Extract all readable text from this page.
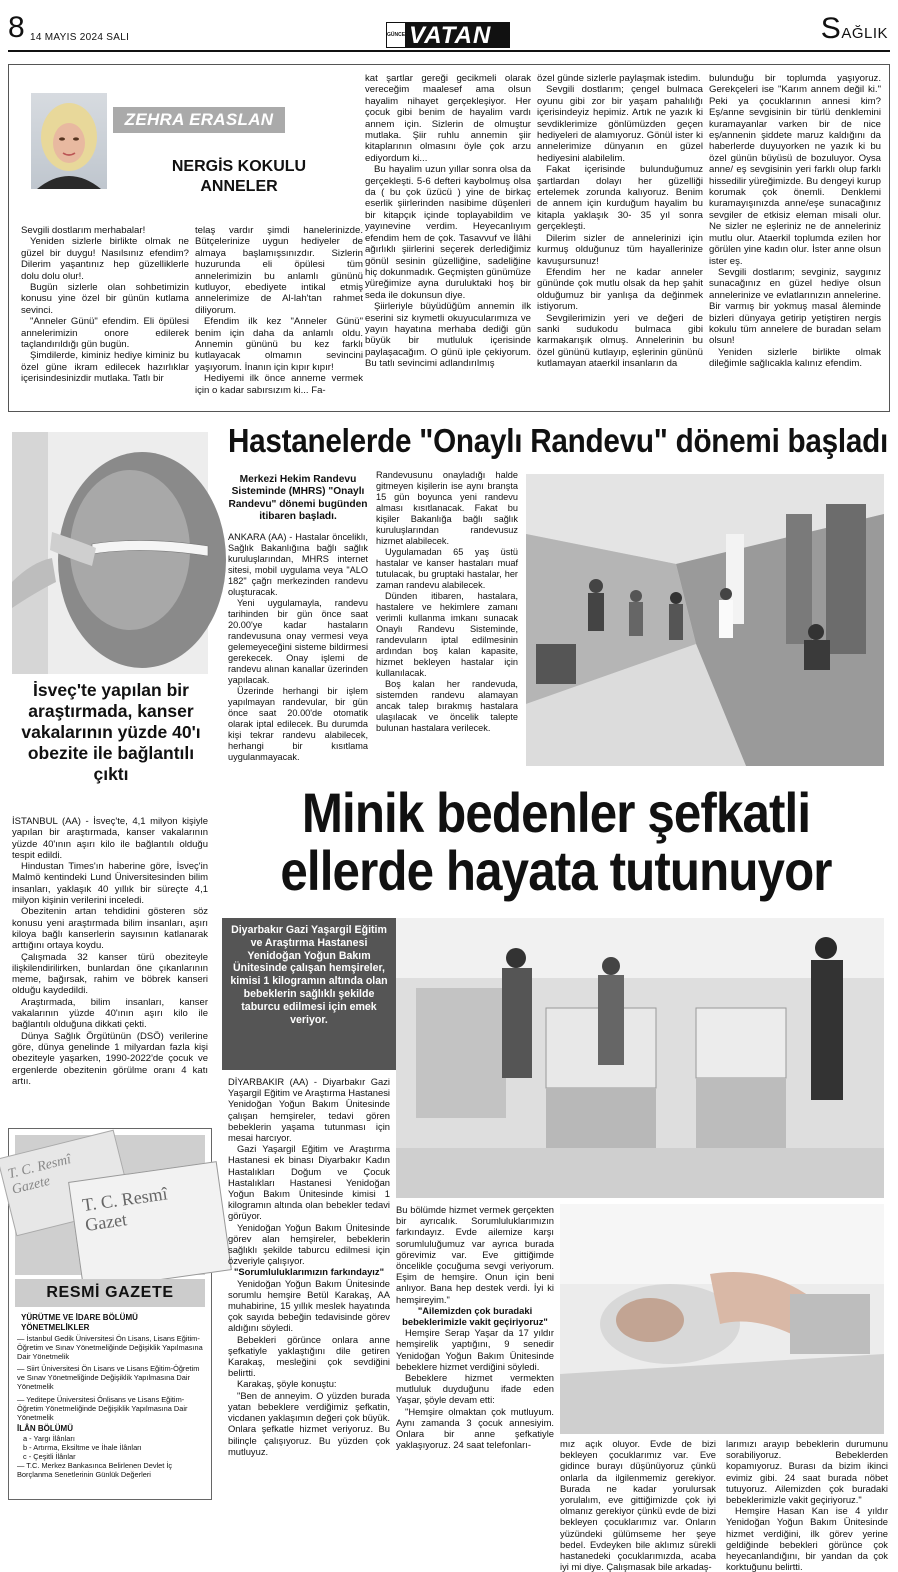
8 14 MAYIS 2024 SALI	GÜNCE VATAN	SAĞLIK
ZEHRA ERASLAN
NERGİS KOKULU
ANNELER

Sevgili dostlarım merhabalar!

Yeniden sizlerle birlikte olmak ne güzel bir duygu! Nasılsınız efendim? Dilerim yaşantınız hep güzelliklerle dolu dolu olur!.

Bugün sizlerle olan sohbetimizin konusu yine özel bir günün kutlama sevinci.

"Anneler Günü" efendim. Eli öpülesi annelerimizin onore edilerek taçlandırıldığı gün bugün.

Şimdilerde, kiminiz hediye kiminiz bu özel güne ikram edilecek hazırlıklar içerisindesinizdir mutlaka. Tatlı bir

telaş vardır şimdi hanelerinizde. Bütçelerinize uygun hediyeler de almaya başlamışsınızdır. Sizlerin huzurunda eli öpülesi tüm annelerimizin bu anlamlı gününü kutluyor, ebediyete intikal etmiş annelerimize de Al-lah'tan rahmet diliyorum.

Efendim ilk kez "Anneler Günü" benim için daha da anlamlı oldu. Annemin gününü bu kez farklı kutlayacak olmamın sevincini yaşıyorum. İnanın için kıpır kıpır!

Hediyemi ilk önce anneme vermek için o kadar sabırsızım ki... Fa-

kat şartlar gereği gecikmeli olarak vereceğim maalesef ama olsun hayalim nihayet gerçekleşiyor. Her çocuk gibi benim de hayalim vardı annem için. Sizlerin de olmuştur mutlaka. Şiir ruhlu annemin şiir kitaplarının olmasını öyle çok arzu ediyordum ki...

Bu hayalim uzun yıllar sonra olsa da gerçekleşti. 5-6 defteri kaybolmuş olsa da ( bu çok üzücü ) yine de birkaç eserlik şiirlerinden nasibime düşenleri bir kitapçık içinde toplayabildim ve yayınevine verdim. Heyecanlıyım efendim hem de çok. Tasavvuf ve İlâhi ağırlıklı şiirlerini seçerek derlediğimiz gönül sesinin güzelliğine, sadeliğine hiç dokunmadık. Geçmişten günümüze yüreğimize ayna duruluktaki hoş bir seda ile dokunsun diye.

Şiirleriyle büyüdüğüm annemin ilk eserini siz kıymetli okuyucularımıza ve yayın hayatına merhaba dediği gün büyük bir mutluluk içerisinde paylaşacağım. O günü iple çekiyorum. Bu tatlı sevincimi adlandırılmış

özel günde sizlerle paylaşmak istedim.

Sevgili dostlarım; çengel bulmaca oyunu gibi zor bir yaşam pahalılığı içerisindeyiz hepimiz. Artık ne yazık ki sevdiklerimize gönlümüzden geçen hediyeleri de alamıyoruz. Gönül ister ki annelerimize dünyanın en güzel hediyesini alabilelim.

Fakat içerisinde bulunduğumuz şartlardan dolayı her güzelliği ertelemek zorunda kalıyoruz. Benim de annem için kurduğum hayalim bu kitapla yaklaşık 30- 35 yıl sonra gerçekleşti.

Dilerim sizler de annelerinizi için kurmuş olduğunuz tüm hayallerinize kavuşursunuz!

Efendim her ne kadar anneler gününde çok mutlu olsak da hep şahit olduğumuz bir yanlışa da değinmek istiyorum.

Sevgilerimizin yeri ve değeri de sanki sudukodu bulmaca gibi karmakarışık olmuş. Annelerinin bu özel gününü kutlayıp, eşlerinin gününü kutlamayan ataerkil insanların da

bulunduğu bir toplumda yaşıyoruz. Gerekçeleri ise "Karım annem değil ki." Peki ya çocuklarının annesi kim? Eş/anne sevgisinin bir türlü denklemini kuramayanlar varken bir de nice eş/annenin şiddete maruz kaldığını da haberlerde duyuyorken ne yazık ki bu özel günün büyüsü de bozuluyor. Oysa anne/ eş sevgisinin yeri farklı olup farklı hissedilir yüreğimizde. Bu dengeyi kurup korumak çok önemli. Denklemi kuramayışınızda anne/eşe sunacağınız sevgiler de etkisiz eleman misali olur. Ne sizler ne eşleriniz ne de anneleriniz mutlu olur. Ataerkil toplumda ezilen hor görülen yine kadın olur. İster anne olsun ister eş.

Sevgili dostlarım; sevginiz, saygınız sunacağınız en güzel hediye olsun annelerinize ve evlatlarınızın annelerine. Bir varmış bir yokmuş masal âleminde bizleri dünyaya getirip yetiştiren nergis kokulu tüm annelere de buradan selam olsun!

Yeniden sizlerle birlikte olmak dileğimle sağlıcakla kalınız efendim.

İsveç'te yapılan bir araştırmada, kanser vakalarının yüzde 40'ı obezite ile bağlantılı çıktı

İSTANBUL (AA) - İsveç'te, 4,1 milyon kişiyle yapılan bir araştırmada, kanser vakalarının yüzde 40'ının aşırı kilo ile bağlantılı olduğu tespit edildi.

Hindustan Times'ın haberine göre, İsveç'in Malmö kentindeki Lund Üniversitesinden bilim insanları, yaklaşık 40 yıllık bir süreçte 4,1 milyon kişinin verilerini inceledi.

Obezitenin artan tehdidini gösteren söz konusu yeni araştırmada bilim insanları, aşırı kiloya bağlı kanserlerin sayısının katlanarak arttığını ortaya koydu.

Çalışmada 32 kanser türü obeziteyle ilişkilendirilirken, bunlardan öne çıkanlarının meme, bağırsak, rahim ve böbrek kanseri olduğu kaydedildi.

Araştırmada, bilim insanları, kanser vakalarının yüzde 40'ının aşırı kilo ile bağlantılı olduğuna dikkati çekti.

Dünya Sağlık Örgütünün (DSÖ) verilerine göre, dünya genelinde 1 milyardan fazla kişi obeziteyle yaşarken, 1990-2022'de çocuk ve ergenlerde obezitenin görülme oranı 4 katı artıı.

T. C. Resmî Gazete	T. C. Resmî Gazet
RESMİ GAZETE
YÜRÜTME VE İDARE BÖLÜMÜ YÖNETMELİKLER
— İstanbul Gedik Üniversitesi Ön Lisans, Lisans Eğitim-Öğretim ve Sınav Yönetmeliğinde Değişiklik Yapılmasına Dair Yönetmelik
— Siirt Üniversitesi Ön Lisans ve Lisans Eğitim-Öğretim ve Sınav Yönetmeliğinde Değişiklik Yapılmasına Dair Yönetmelik
— Yeditepe Üniversitesi Önlisans ve Lisans Eğitim-Öğretim Yönetmeliğinde Değişiklik Yapılmasına Dair Yönetmelik
İLÂN BÖLÜMÜ
a - Yargı İlânları
b - Artırma, Eksiltme ve İhale İlânları
c - Çeşitli İlânlar
— T.C. Merkez Bankasınca Belirlenen Devlet İç Borçlanma Senetlerinin Günlük Değerleri
Hastanelerde "Onaylı Randevu" dönemi başladı
Merkezi Hekim Randevu Sisteminde (MHRS) "Onaylı Randevu" dönemi bugünden itibaren başladı.

ANKARA (AA) - Hastalar önceliklı, Sağlık Bakanlığına bağlı sağlık kuruluşlarından, MHRS internet sitesi, mobil uygulama veya "ALO 182" çağrı merkezinden randevu oluşturacak.

Yeni uygulamayla, randevu tarihinden bir gün önce saat 20.00'ye kadar hastaların randevusuna onay vermesi veya gelemeyeceğini sisteme bildirmesi gerekecek. Onay işlemi de randevu alınan kanallar üzerinden yapılacak.

Üzerinde herhangi bir işlem yapılmayan randevular, bir gün önce saat 20.00'de otomatik olarak iptal edilecek. Bu durumda kişi tekrar randevu alabilecek, herhangi bir kısıtlama uygulanmayacak.

Randevusunu onayladığı halde gitmeyen kişilerin ise aynı branşta 15 gün boyunca yeni randevu alması kısıtlanacak. Fakat bu kişiler Bakanlığa bağlı sağlık kuruluşlarından randevusuz hizmet alabilecek.

Uygulamadan 65 yaş üstü hastalar ve kanser hastaları muaf tutulacak, bu gruptaki hastalar, her zaman randevu alabilecek.

Dünden itibaren, hastalara, hastalere ve hekimlere zamanı verimli kullanma imkanı sunacak Onaylı Randevu Sisteminde, randevuların iptal edilmesinin ardından boş kalan kapasite, hizmet bekleyen hastalar için kullanılacak.

Boş kalan her randevuda, sistemden randevu alamayan ancak talep bırakmış hastalara ulaşılacak ve öncelik talepte bulunan hastalara verilecek.

Minik bedenler şefkatli
ellerde hayata tutunuyor
Diyarbakır Gazi Yaşargil Eğitim ve Araştırma Hastanesi Yenidoğan Yoğun Bakım Ünitesinde çalışan hemşireler, kimisi 1 kilogramın altında olan bebeklerin sağlıklı şekilde taburcu edilmesi için emek veriyor.

DİYARBAKIR (AA) - Diyarbakır Gazi Yaşargil Eğitim ve Araştırma Hastanesi Yenidoğan Yoğun Bakım Ünitesinde çalışan hemşireler, tedavi gören bebeklerin yaşama tutunması için mesai harcıyor.

Gazi Yaşargil Eğitim ve Araştırma Hastanesi ek binası Diyarbakır Kadın Hastalıkları Doğum ve Çocuk Hastalıkları Hastanesi Yenidoğan Yoğun Bakım Ünitesinde kimisi 1 kilogramın altında olan bebekler tedavi görüyor.

Yenidoğan Yoğun Bakım Ünitesinde görev alan hemşireler, bebeklerin sağlıklı şekilde taburcu edilmesi için özveriyle çalışıyor.

"Sorumluluklarımızın farkındayız"

Yenidoğan Yoğun Bakım Ünitesinde sorumlu hemşire Betül Karakaş, AA muhabirine, 15 yıllık meslek hayatında çok sayıda bebeğin tedavisinde görev aldığını söyledi.

Bebekleri görünce onlara anne şefkatiyle yaklaştığını dile getiren Karakaş, mesleğini çok sevdiğini belirtti.

Karakaş, şöyle konuştu:

"Ben de anneyim. O yüzden burada yatan bebeklere verdiğimiz şefkatin, vicdanen yaklaşımın değeri çok büyük. Onlara şefkatle hizmet veriyoruz. Bu bilinçle çalışıyoruz. Bu yüzden çok mutluyuz.

Bu bölümde hizmet vermek gerçekten bir ayrıcalık. Sorumluluklarımızın farkındayız. Evde ailemize karşı sorumluluğumuz var ayrıca burada görevimiz var. Eve gittiğimde öncelikle çocuğuma sevgi veriyorum. Eşim de hemşire. Onun için beni anlıyor. Bana hep destek verdi. İyi ki hemşireyim."

"Ailemizden çok buradaki bebeklerimizle vakit geçiriyoruz"

Hemşire Serap Yaşar da 17 yıldır hemşirelik yaptığını, 9 senedir Yenidoğan Yoğun Bakım Ünitesinde bebeklere hizmet verdiğini söyledi.

Bebeklere hizmet vermekten mutluluk duyduğunu ifade eden Yaşar, şöyle devam etti:

"Hemşire olmaktan çok mutluyum. Aynı zamanda 3 çocuk annesiyim. Onlara bir anne şefkatiyle yaklaşıyoruz. 24 saat telefonları-	mız açık oluyor. Evde de bizi bekleyen çocuklarımız var. Eve gidince burayı düşünüyoruz çünkü onlarla da ilgilenmemiz gerekiyor. Burada ne kadar yorulursak yorulalım, eve gittiğimizde çok iyi olmanız gerekiyor çünkü evde de bizi bekleyen çocuklarımız var. Onların yüzündeki gülümseme her şeye bedel. Evdeyken bile aklımız sürekli hastanedeki çocuklarımızda, acaba iyi mi diye. Çalışmasak bile arkadaş-

larımızı arayıp bebeklerin durumunu sorabiliyoruz. Bebeklerden kopamıyoruz. Burası da bizim ikinci evimiz gibi. 24 saat burada nöbet tutuyoruz. Ailemizden çok buradaki bebeklerimizle vakit geçiriyoruz."

Hemşire Hasan Kan ise 4 yıldır Yenidoğan Yoğun Bakım Ünitesinde hizmet verdiğini, ilk görev yerine geldiğinde bebekleri görünce çok heyecanlandığını, bir yandan da çok korktuğunu belirtti.
